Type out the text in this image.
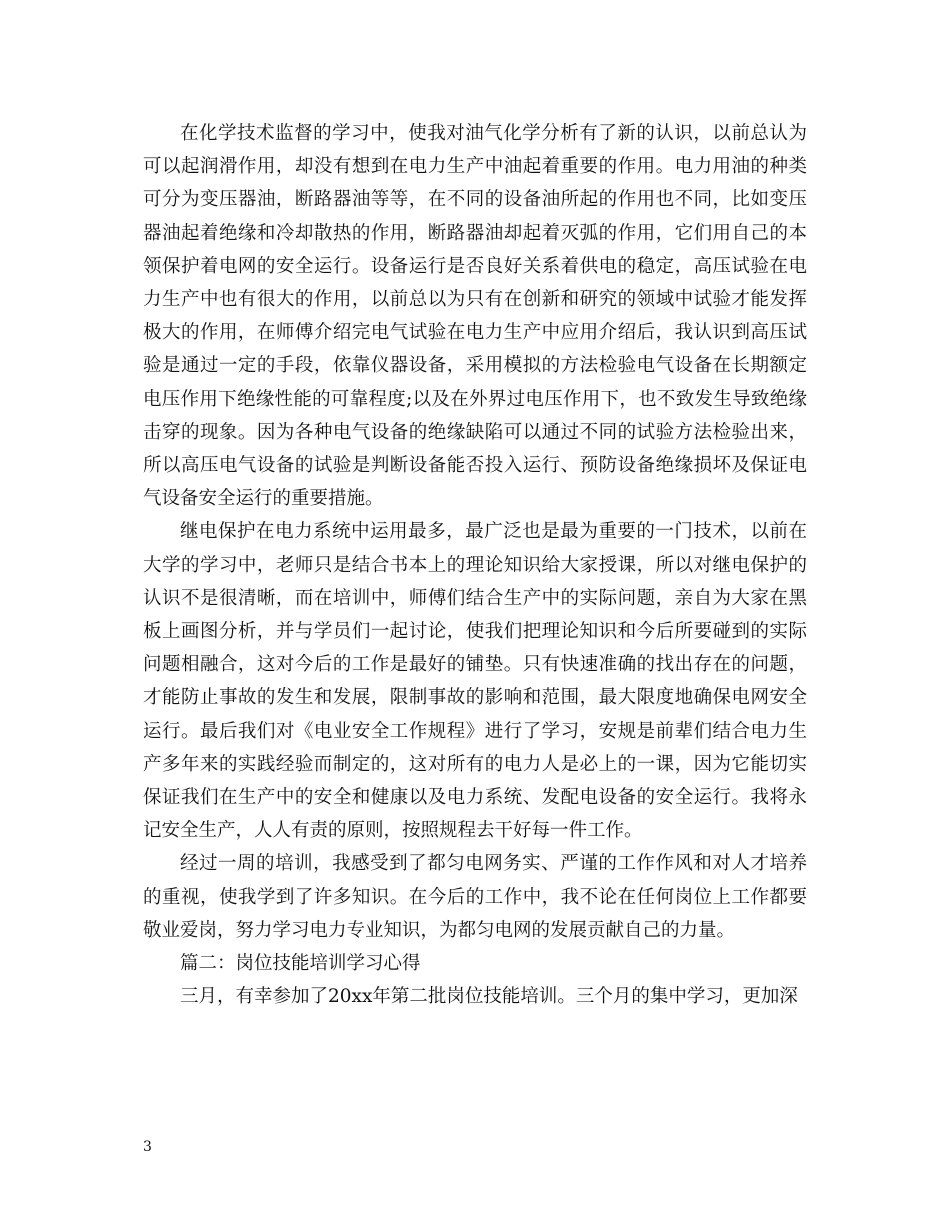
在化学技术监督的学习中，使我对油气化学分析有了新的认识，以前总认为可以起润滑作用，却没有想到在电力生产中油起着重要的作用。电力用油的种类可分为变压器油，断路器油等等，在不同的设备油所起的作用也不同，比如变压器油起着绝缘和冷却散热的作用，断路器油却起着灭弧的作用，它们用自己的本领保护着电网的安全运行。设备运行是否良好关系着供电的稳定，高压试验在电力生产中也有很大的作用，以前总以为只有在创新和研究的领域中试验才能发挥极大的作用，在师傅介绍完电气试验在电力生产中应用介绍后，我认识到高压试验是通过一定的手段，依靠仪器设备，采用模拟的方法检验电气设备在长期额定电压作用下绝缘性能的可靠程度;以及在外界过电压作用下，也不致发生导致绝缘击穿的现象。因为各种电气设备的绝缘缺陷可以通过不同的试验方法检验出来，所以高压电气设备的试验是判断设备能否投入运行、预防设备绝缘损坏及保证电气设备安全运行的重要措施。

继电保护在电力系统中运用最多，最广泛也是最为重要的一门技术，以前在大学的学习中，老师只是结合书本上的理论知识给大家授课，所以对继电保护的认识不是很清晰，而在培训中，师傅们结合生产中的实际问题，亲自为大家在黑板上画图分析，并与学员们一起讨论，使我们把理论知识和今后所要碰到的实际问题相融合，这对今后的工作是最好的铺垫。只有快速准确的找出存在的问题，才能防止事故的发生和发展，限制事故的影响和范围，最大限度地确保电网安全运行。最后我们对《电业安全工作规程》进行了学习，安规是前辈们结合电力生产多年来的实践经验而制定的，这对所有的电力人是必上的一课，因为它能切实保证我们在生产中的安全和健康以及电力系统、发配电设备的安全运行。我将永记安全生产，人人有责的原则，按照规程去干好每一件工作。

经过一周的培训，我感受到了都匀电网务实、严谨的工作作风和对人才培养的重视，使我学到了许多知识。在今后的工作中，我不论在任何岗位上工作都要敬业爱岗，努力学习电力专业知识，为都匀电网的发展贡献自己的力量。

篇二：岗位技能培训学习心得

三月，有幸参加了20xx年第二批岗位技能培训。三个月的集中学习，更加深

3
